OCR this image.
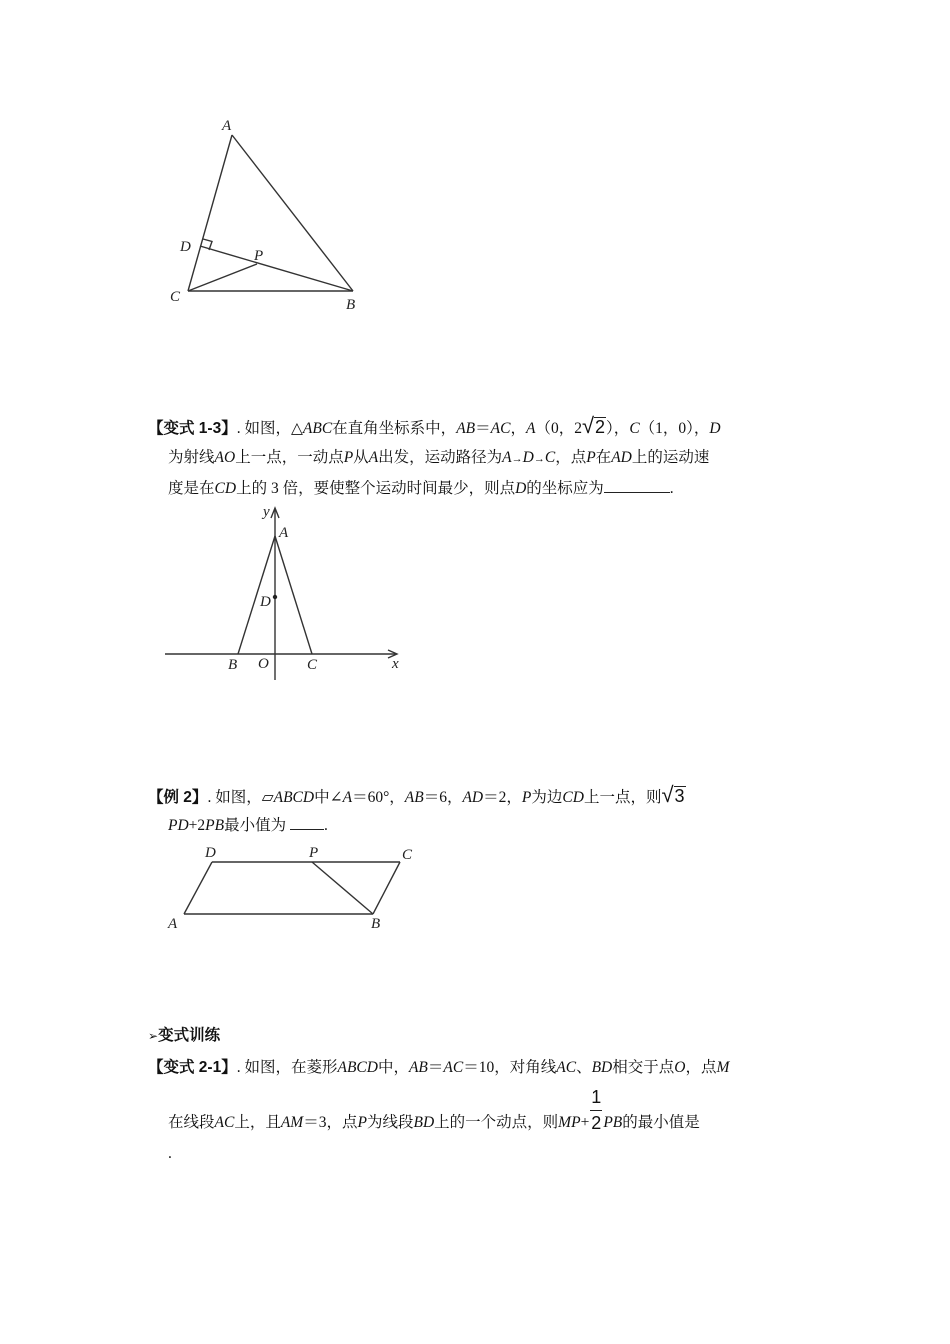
A
D
P
C	B
【变式 1-3】. 如图，△ABC在直角坐标系中，AB＝AC，A（0，2√2），C（1，0），D
为射线AO上一点，一动点P从A出发，运动路径为A→D→C，点P在AD上的运动速
度是在CD上的 3 倍，要使整个运动时间最少，则点D的坐标应为	.
y
A
D
B O	C	x
【例 2】. 如图，▱ABCD中∠A＝60°，AB＝6，AD＝2，P为边CD上一点，则√3
PD+2PB最小值为 .
D	P	C
A	B
➢变式训练
【变式 2-1】. 如图，在菱形ABCD中，AB＝AC＝10，对角线AC、BD相交于点O，点M
在线段AC上，且AM＝3，点P为线段BD上的一个动点，则$MP+ \frac{1}{2}$ PB的最小值是
.
